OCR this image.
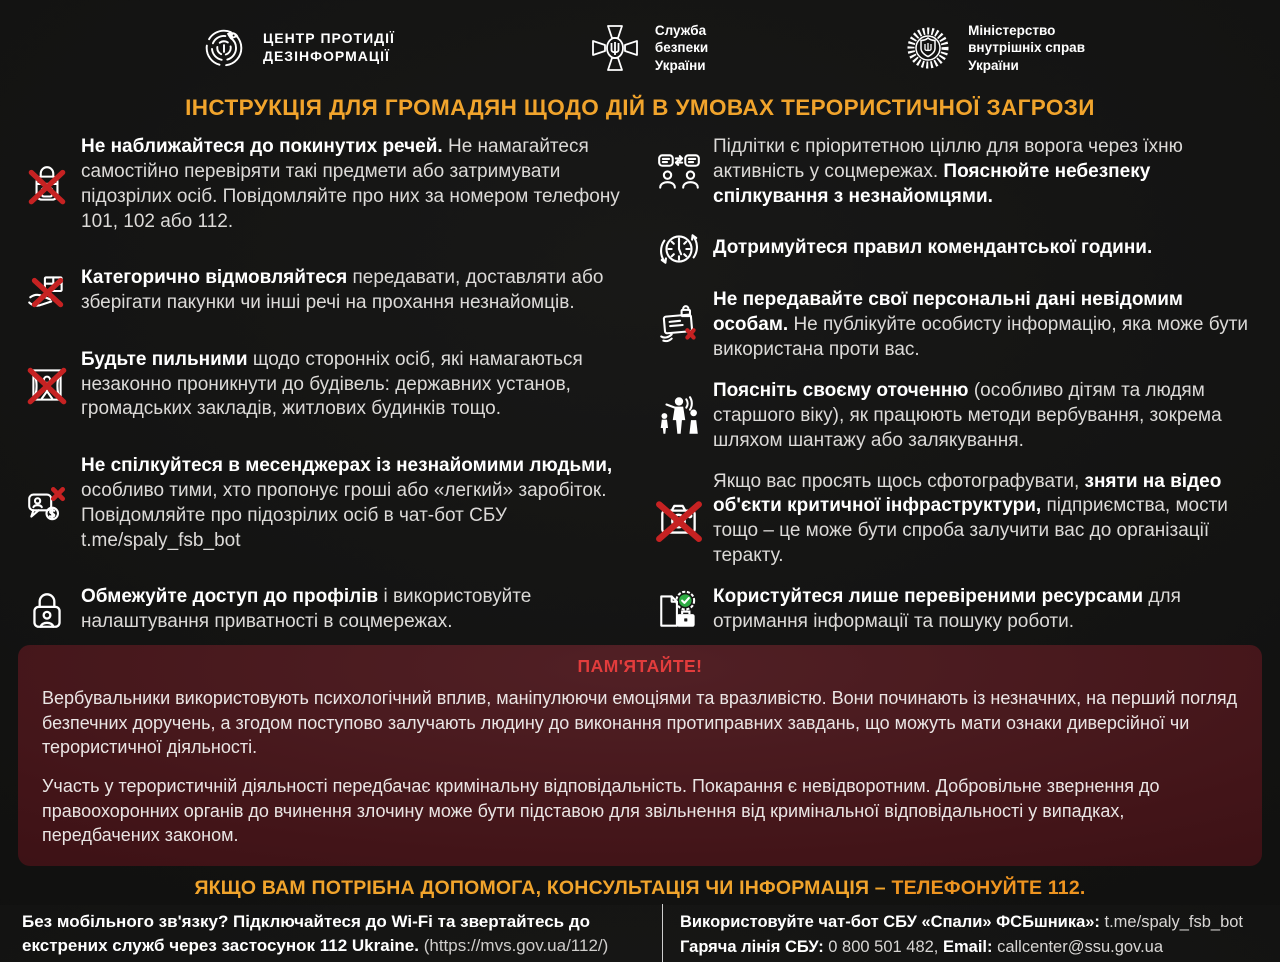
ЦЕНТР ПРОТИДІЇ
ДЕЗІНФОРМАЦІЇ
Служба
безпеки
України
Міністерство
внутрішніх справ
України
ІНСТРУКЦІЯ ДЛЯ ГРОМАДЯН ЩОДО ДІЙ В УМОВАХ ТЕРОРИСТИЧНОЇ ЗАГРОЗИ

Не наближайтеся до покинутих речей. Не намагайтеся самостійно перевіряти такі предмети або затримувати підозрілих осіб. Повідомляйте про них за номером телефону 101, 102 або 112.

Категорично відмовляйтеся передавати, доставляти або зберігати пакунки чи інші речі на прохання незнайомців.

Будьте пильними щодо сторонніх осіб, які намагаються незаконно проникнути до будівель: державних установ, громадських закладів, житлових будинків тощо.

Не спілкуйтеся в месенджерах із незнайомими людьми, особливо тими, хто пропонує гроші або «легкий» заробіток. Повідомляйте про підозрілих осіб в чат-бот СБУ t.me/spaly_fsb_bot

Обмежуйте доступ до профілів і використовуйте налаштування приватності в соцмережах.

Підлітки є пріоритетною ціллю для ворога через їхню активність у соцмережах. Пояснюйте небезпеку спілкування з незнайомцями.

Дотримуйтеся правил комендантської години.

Не передавайте свої персональні дані невідомим особам. Не публікуйте особисту інформацію, яка може бути використана проти вас.

Поясніть своєму оточенню (особливо дітям та людям старшого віку), як працюють методи вербування, зокрема шляхом шантажу або залякування.

Якщо вас просять щось сфотографувати, зняти на відео об'єкти критичної інфраструктури, підприємства, мости тощо – це може бути спроба залучити вас до організації теракту.

Користуйтеся лише перевіреними ресурсами для отримання інформації та пошуку роботи.

ПАМ'ЯТАЙТЕ!

Вербувальники використовують психологічний вплив, маніпулюючи емоціями та вразливістю. Вони починають із незначних, на перший погляд безпечних доручень, а згодом поступово залучають людину до виконання протиправних завдань, що можуть мати ознаки диверсійної чи терористичної діяльності.

Участь у терористичній діяльності передбачає кримінальну відповідальність. Покарання є невідворотним. Добровільне звернення до правоохоронних органів до вчинення злочину може бути підставою для звільнення від кримінальної відповідальності у випадках, передбачених законом.

ЯКЩО ВАМ ПОТРІБНА ДОПОМОГА, КОНСУЛЬТАЦІЯ ЧИ ІНФОРМАЦІЯ – ТЕЛЕФОНУЙТЕ 112.
Без мобільного зв'язку? Підключайтеся до Wi-Fi та звертайтесь до екстрених служб через застосунок 112 Ukraine. (https://mvs.gov.ua/112/)
Використовуйте чат-бот СБУ «Спали» ФСБшника»: t.me/spaly_fsb_bot
Гаряча лінія СБУ: 0 800 501 482, Email: callcenter@ssu.gov.ua
